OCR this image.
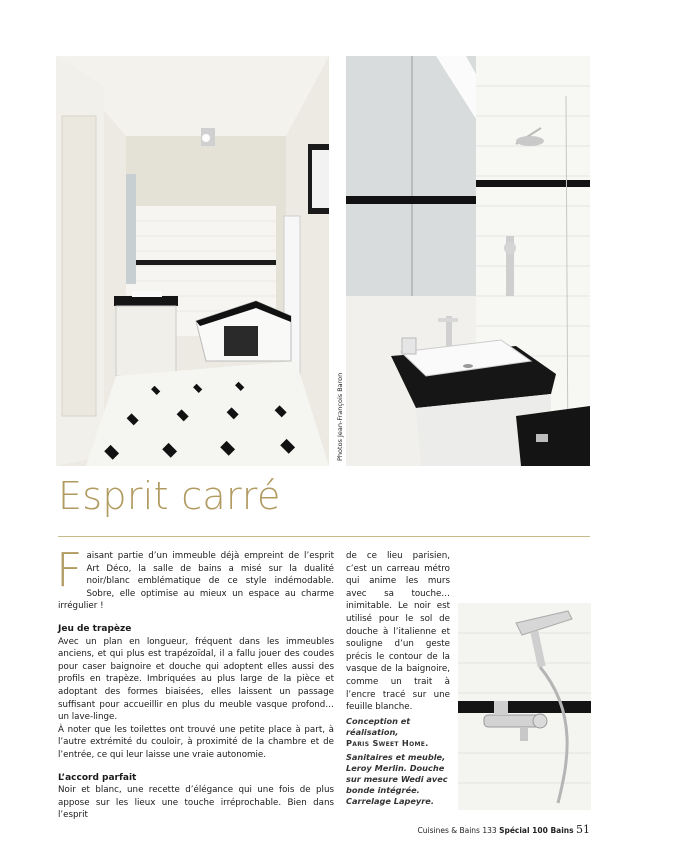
Photos Jean-François Baron
Esprit carré

Faisant partie d’un immeuble déjà empreint de l’esprit Art Déco, la salle de bains a misé sur la dualité noir/blanc emblématique de ce style indémodable. Sobre, elle optimise au mieux un espace au charme irrégulier !

Jeu de trapèze

Avec un plan en longueur, fréquent dans les immeubles anciens, et qui plus est trapézoïdal, il a fallu jouer des coudes pour caser baignoire et douche qui adoptent elles aussi des profils en trapèze. Imbriquées au plus large de la pièce et adoptant des formes biaisées, elles laissent un passage suffisant pour accueillir en plus du meuble vasque profond… un lave-linge.

À noter que les toilettes ont trouvé une petite place à part, à l’autre extrémité du couloir, à proximité de la chambre et de l’entrée, ce qui leur laisse une vraie autonomie.

L’accord parfait

Noir et blanc, une recette d’élégance qui une fois de plus appose sur les lieux une touche irréprochable. Bien dans l’esprit

de ce lieu parisien, c’est un carreau métro qui anime les murs avec sa touche… inimitable. Le noir est utilisé pour le sol de douche à l’italienne et souligne d’un geste précis le contour de la vasque de la baignoire, comme un trait à l’encre tracé sur une feuille blanche.

Conception et réalisation,

Paris Sweet Home.

Sanitaires et meuble, Leroy Merlin. Douche sur mesure Wedi avec bonde intégrée. Carrelage Lapeyre.

Cuisines & Bains 133 Spécial 100 Bains 51
